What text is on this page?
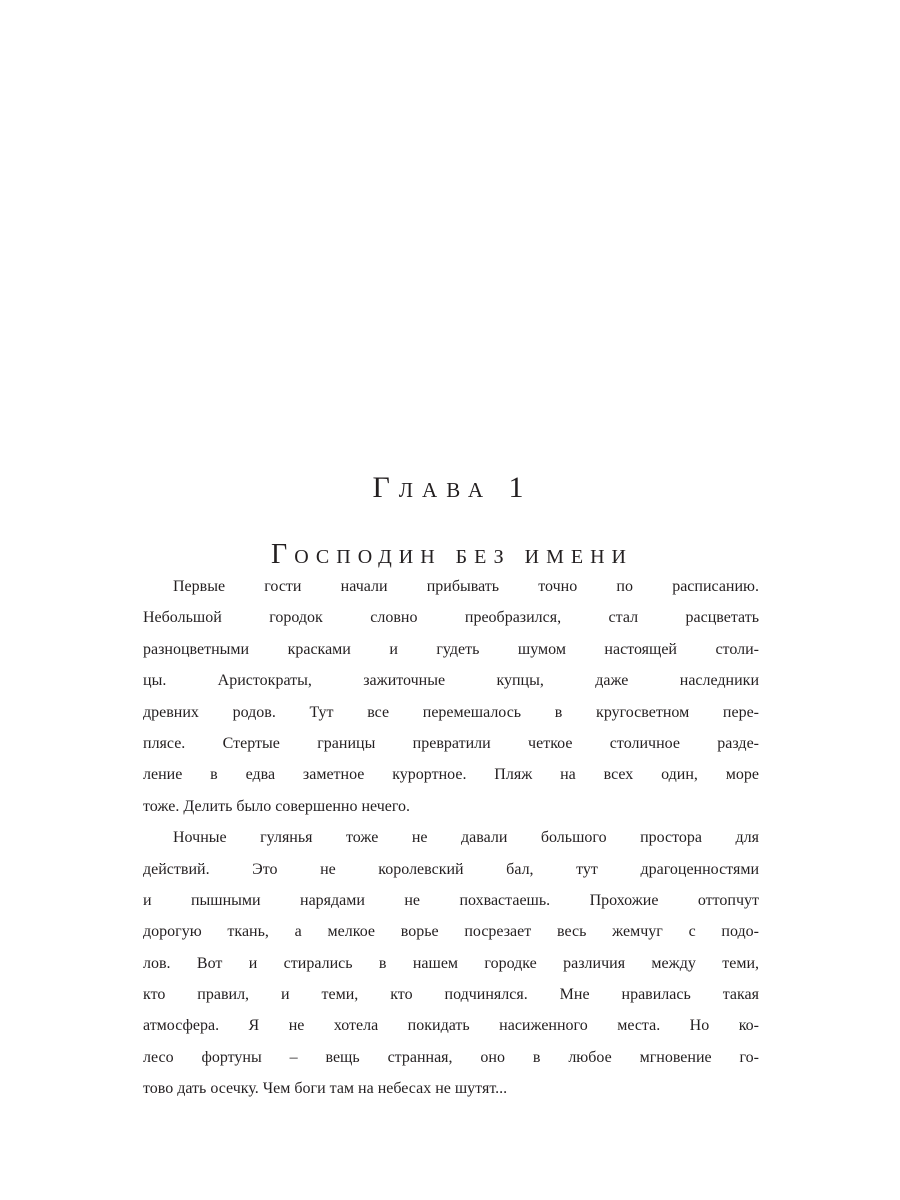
Глава 1
Господин без имени
Первые гости начали прибывать точно по расписанию.
Небольшой городок словно преобразился, стал расцветать
разноцветными красками и гудеть шумом настоящей столи-
цы. Аристократы, зажиточные купцы, даже наследники
древних родов. Тут все перемешалось в кругосветном пере-
плясе. Стертые границы превратили четкое столичное разде-
ление в едва заметное курортное. Пляж на всех один, море
тоже. Делить было совершенно нечего.
Ночные гулянья тоже не давали большого простора для
действий. Это не королевский бал, тут драгоценностями
и пышными нарядами не похвастаешь. Прохожие оттопчут
дорогую ткань, а мелкое ворье посрезает весь жемчуг с подо-
лов. Вот и стирались в нашем городке различия между теми,
кто правил, и теми, кто подчинялся. Мне нравилась такая
атмосфера. Я не хотела покидать насиженного места. Но ко-
лесо фортуны – вещь странная, оно в любое мгновение го-
тово дать осечку. Чем боги там на небесах не шутят...
